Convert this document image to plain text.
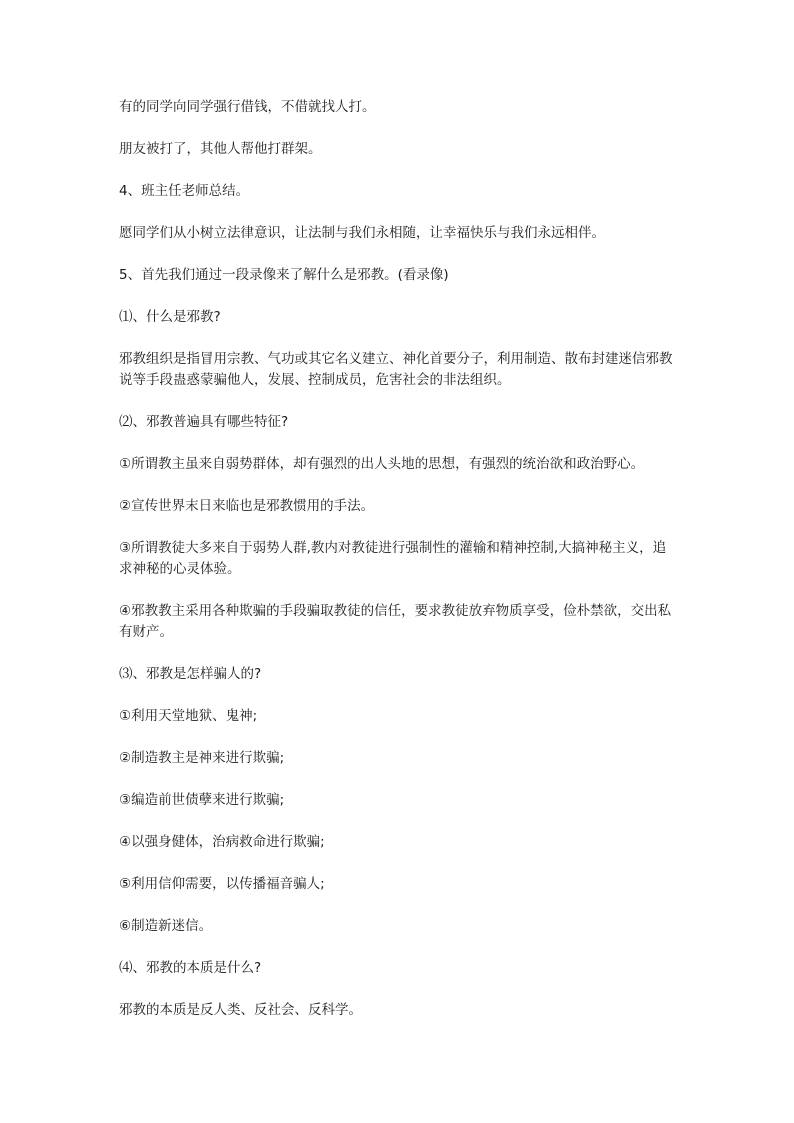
有的同学向同学强行借钱，不借就找人打。

朋友被打了，其他人帮他打群架。

4、班主任老师总结。

愿同学们从小树立法律意识，让法制与我们永相随，让幸福快乐与我们永远相伴。

5、首先我们通过一段录像来了解什么是邪教。(看录像)

⑴、什么是邪教?

邪教组织是指冒用宗教、气功或其它名义建立、神化首要分子，利用制造、散布封建迷信邪教说等手段蛊惑蒙骗他人，发展、控制成员，危害社会的非法组织。

⑵、邪教普遍具有哪些特征?

①所谓教主虽来自弱势群体，却有强烈的出人头地的思想，有强烈的统治欲和政治野心。

②宣传世界末日来临也是邪教惯用的手法。

③所谓教徒大多来自于弱势人群,教内对教徒进行强制性的灌输和精神控制,大搞神秘主义，追求神秘的心灵体验。

④邪教教主采用各种欺骗的手段骗取教徒的信任，要求教徒放弃物质享受，俭朴禁欲，交出私有财产。

⑶、邪教是怎样骗人的?

①利用天堂地狱、鬼神;

②制造教主是神来进行欺骗;

③编造前世债孽来进行欺骗;

④以强身健体，治病救命进行欺骗;

⑤利用信仰需要，以传播福音骗人;

⑥制造新迷信。

⑷、邪教的本质是什么?

邪教的本质是反人类、反社会、反科学。
